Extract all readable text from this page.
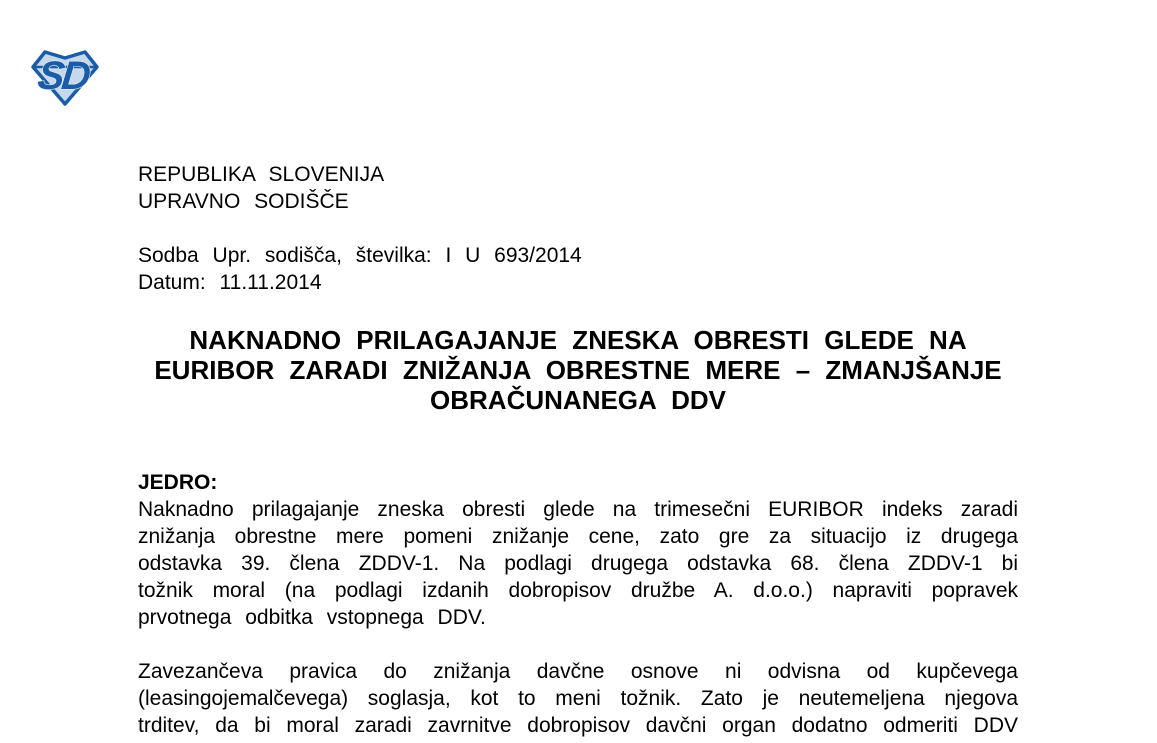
SD
REPUBLIKA SLOVENIJA
UPRAVNO SODIŠČE
Sodba Upr. sodišča, številka: I U 693/2014
Datum: 11.11.2014
NAKNADNO PRILAGAJANJE ZNESKA OBRESTI GLEDE NA EURIBOR ZARADI ZNIŽANJA OBRESTNE MERE – ZMANJŠANJE OBRAČUNANEGA DDV
JEDRO:

Naknadno prilagajanje zneska obresti glede na trimesečni EURIBOR indeks zaradi znižanja obrestne mere pomeni znižanje cene, zato gre za situacijo iz drugega odstavka 39. člena ZDDV-1. Na podlagi drugega odstavka 68. člena ZDDV-1 bi tožnik moral (na podlagi izdanih dobropisov družbe A. d.o.o.) napraviti popravek prvotnega odbitka vstopnega DDV.

Zavezančeva pravica do znižanja davčne osnove ni odvisna od kupčevega (leasingojemalčevega) soglasja, kot to meni tožnik. Zato je neutemeljena njegova trditev, da bi moral zaradi zavrnitve dobropisov davčni organ dodatno odmeriti DDV
